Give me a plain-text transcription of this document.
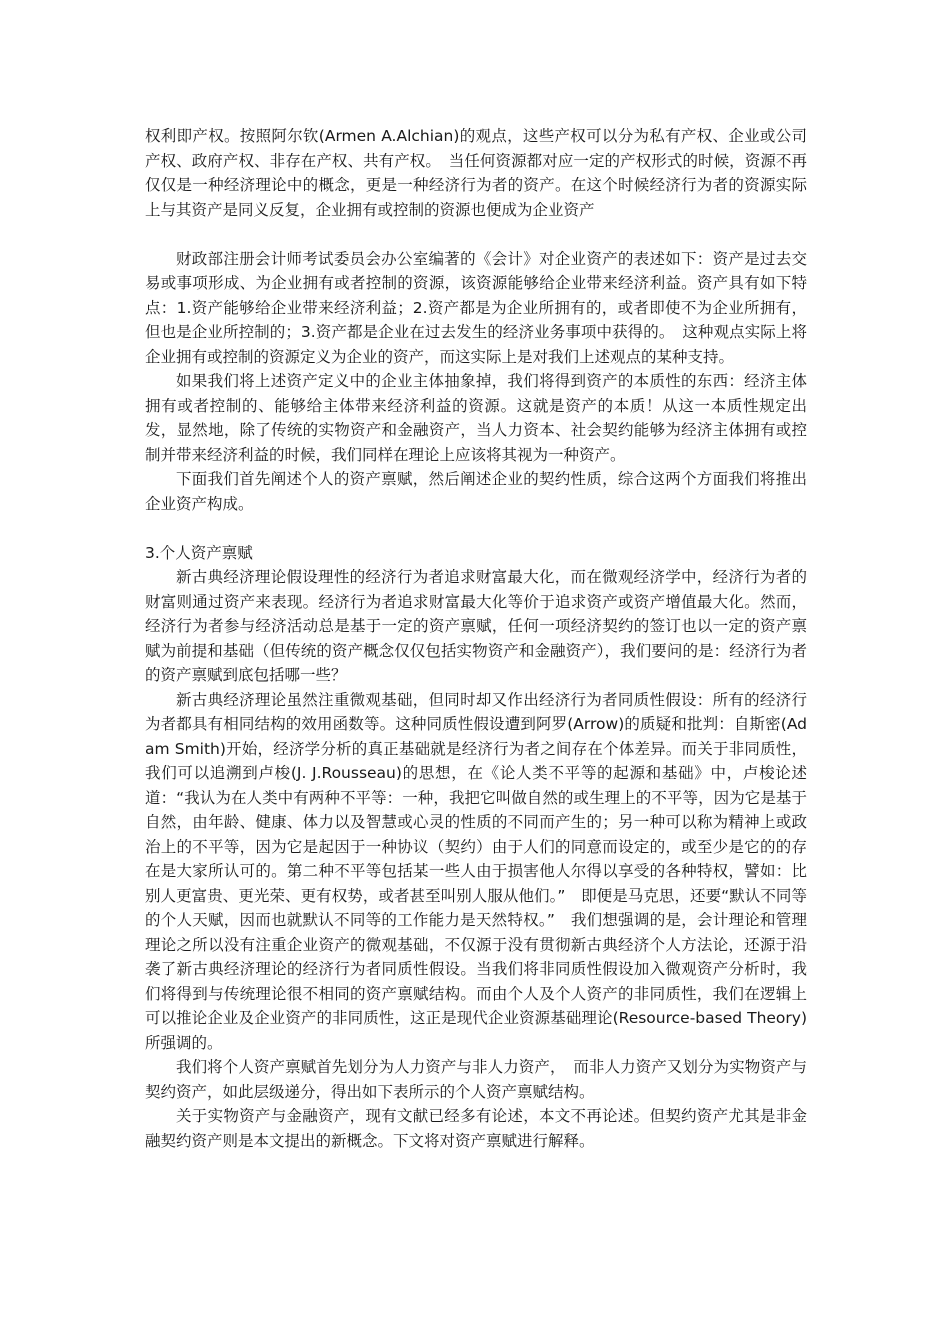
权利即产权。按照阿尔钦(Armen A.Alchian)的观点，这些产权可以分为私有产权、企业或公司产权、政府产权、非存在产权、共有产权。　当任何资源都对应一定的产权形式的时候，资源不再仅仅是一种经济理论中的概念，更是一种经济行为者的资产。在这个时候经济行为者的资源实际上与其资产是同义反复，企业拥有或控制的资源也便成为企业资产

财政部注册会计师考试委员会办公室编著的《会计》对企业资产的表述如下：资产是过去交易或事项形成、为企业拥有或者控制的资源，该资源能够给企业带来经济利益。资产具有如下特点：1.资产能够给企业带来经济利益；2.资产都是为企业所拥有的，或者即使不为企业所拥有，但也是企业所控制的；3.资产都是企业在过去发生的经济业务事项中获得的。　这种观点实际上将企业拥有或控制的资源定义为企业的资产，而这实际上是对我们上述观点的某种支持。

如果我们将上述资产定义中的企业主体抽象掉，我们将得到资产的本质性的东西：经济主体拥有或者控制的、能够给主体带来经济利益的资源。这就是资产的本质！从这一本质性规定出发，显然地，除了传统的实物资产和金融资产，当人力资本、社会契约能够为经济主体拥有或控制并带来经济利益的时候，我们同样在理论上应该将其视为一种资产。

下面我们首先阐述个人的资产禀赋，然后阐述企业的契约性质，综合这两个方面我们将推出企业资产构成。

3.个人资产禀赋

新古典经济理论假设理性的经济行为者追求财富最大化，而在微观经济学中，经济行为者的财富则通过资产来表现。经济行为者追求财富最大化等价于追求资产或资产增值最大化。然而，经济行为者参与经济活动总是基于一定的资产禀赋，任何一项经济契约的签订也以一定的资产禀赋为前提和基础（但传统的资产概念仅仅包括实物资产和金融资产），我们要问的是：经济行为者的资产禀赋到底包括哪一些？

新古典经济理论虽然注重微观基础，但同时却又作出经济行为者同质性假设：所有的经济行为者都具有相同结构的效用函数等。这种同质性假设遭到阿罗(Arrow)的质疑和批判：自斯密(Adam Smith)开始，经济学分析的真正基础就是经济行为者之间存在个体差异。而关于非同质性，我们可以追溯到卢梭(J. J.Rousseau)的思想，在《论人类不平等的起源和基础》中，卢梭论述道：“我认为在人类中有两种不平等：一种，我把它叫做自然的或生理上的不平等，因为它是基于自然，由年龄、健康、体力以及智慧或心灵的性质的不同而产生的；另一种可以称为精神上或政治上的不平等，因为它是起因于一种协议（契约）由于人们的同意而设定的，或至少是它的的存在是大家所认可的。第二种不平等包括某一些人由于损害他人尔得以享受的各种特权，譬如：比别人更富贵、更光荣、更有权势，或者甚至叫别人服从他们。”　即便是马克思，还要“默认不同等的个人天赋，因而也就默认不同等的工作能力是天然特权。”　我们想强调的是，会计理论和管理理论之所以没有注重企业资产的微观基础，不仅源于没有贯彻新古典经济个人方法论，还源于沿袭了新古典经济理论的经济行为者同质性假设。当我们将非同质性假设加入微观资产分析时，我们将得到与传统理论很不相同的资产禀赋结构。而由个人及个人资产的非同质性，我们在逻辑上可以推论企业及企业资产的非同质性，这正是现代企业资源基础理论(Resource-based Theory)所强调的。

我们将个人资产禀赋首先划分为人力资产与非人力资产，　而非人力资产又划分为实物资产与契约资产，如此层级递分，得出如下表所示的个人资产禀赋结构。

关于实物资产与金融资产，现有文献已经多有论述，本文不再论述。但契约资产尤其是非金融契约资产则是本文提出的新概念。下文将对资产禀赋进行解释。
